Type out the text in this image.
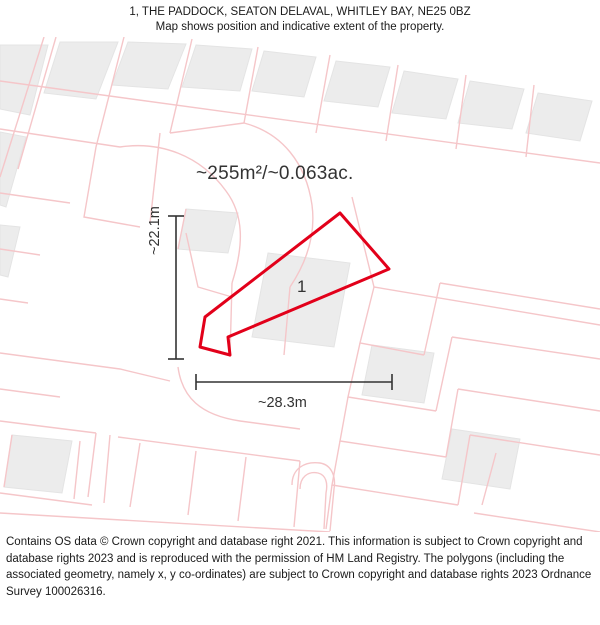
1, THE PADDOCK, SEATON DELAVAL, WHITLEY BAY, NE25 0BZ
Map shows position and indicative extent of the property.
~255m²/~0.063ac.
1
~22.1m
~28.3m
Contains OS data © Crown copyright and database right 2021. This information is subject to Crown copyright and database rights 2023 and is reproduced with the permission of HM Land Registry. The polygons (including the associated geometry, namely x, y co-ordinates) are subject to Crown copyright and database rights 2023 Ordnance Survey 100026316.
